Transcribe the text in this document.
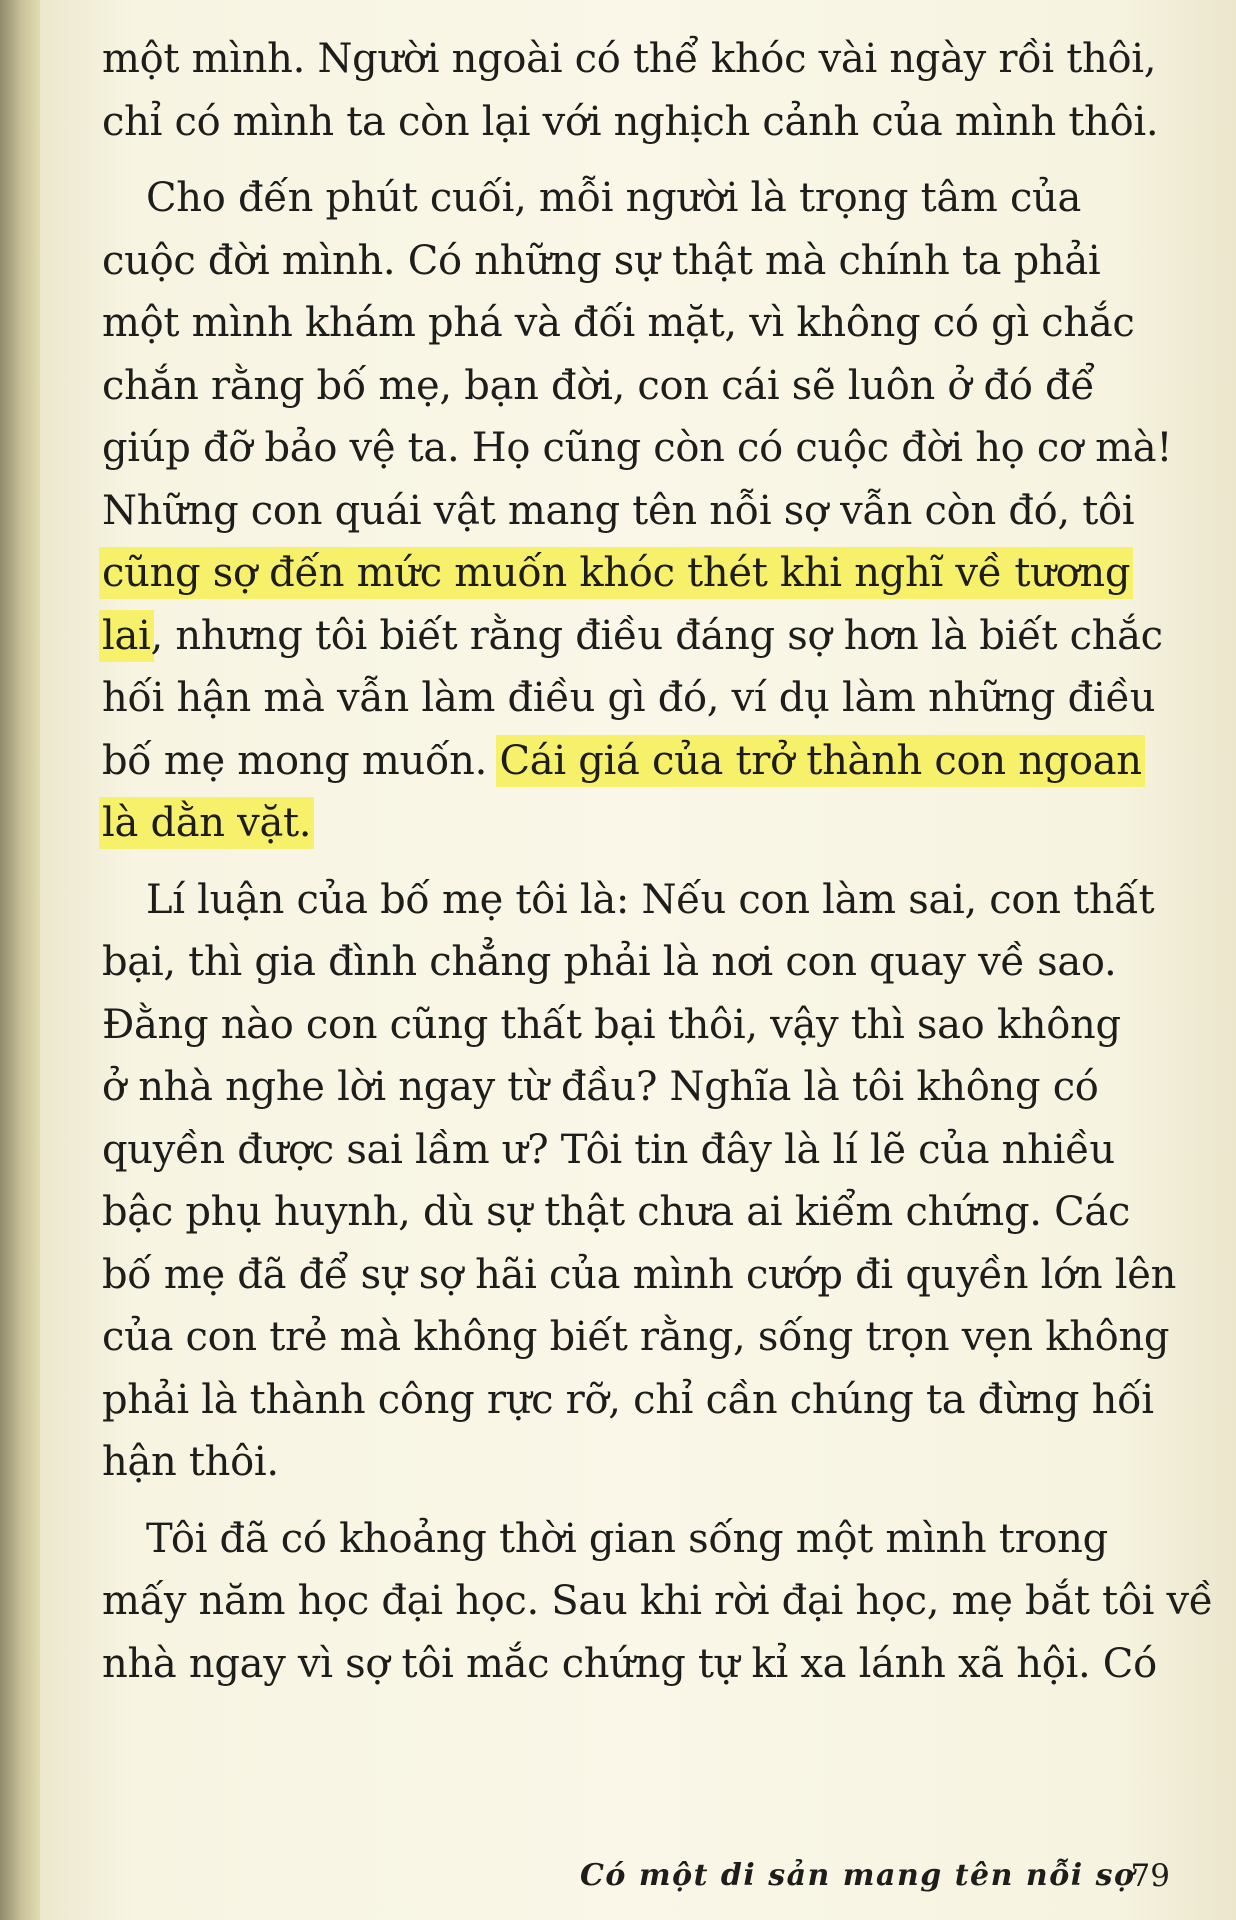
một mình. Người ngoài có thể khóc vài ngày rồi thôi,
chỉ có mình ta còn lại với nghịch cảnh của mình thôi.
Cho đến phút cuối, mỗi người là trọng tâm của
cuộc đời mình. Có những sự thật mà chính ta phải
một mình khám phá và đối mặt, vì không có gì chắc
chắn rằng bố mẹ, bạn đời, con cái sẽ luôn ở đó để
giúp đỡ bảo vệ ta. Họ cũng còn có cuộc đời họ cơ mà!
Những con quái vật mang tên nỗi sợ vẫn còn đó, tôi
cũng sợ đến mức muốn khóc thét khi nghĩ về tương
lai, nhưng tôi biết rằng điều đáng sợ hơn là biết chắc
hối hận mà vẫn làm điều gì đó, ví dụ làm những điều
bố mẹ mong muốn. Cái giá của trở thành con ngoan
là dằn vặt.
Lí luận của bố mẹ tôi là: Nếu con làm sai, con thất
bại, thì gia đình chẳng phải là nơi con quay về sao.
Đằng nào con cũng thất bại thôi, vậy thì sao không
ở nhà nghe lời ngay từ đầu? Nghĩa là tôi không có
quyền được sai lầm ư? Tôi tin đây là lí lẽ của nhiều
bậc phụ huynh, dù sự thật chưa ai kiểm chứng. Các
bố mẹ đã để sự sợ hãi của mình cướp đi quyền lớn lên
của con trẻ mà không biết rằng, sống trọn vẹn không
phải là thành công rực rỡ, chỉ cần chúng ta đừng hối
hận thôi.
Tôi đã có khoảng thời gian sống một mình trong
mấy năm học đại học. Sau khi rời đại học, mẹ bắt tôi về
nhà ngay vì sợ tôi mắc chứng tự kỉ xa lánh xã hội. Có
Có một di sản mang tên nỗi sợ
79
